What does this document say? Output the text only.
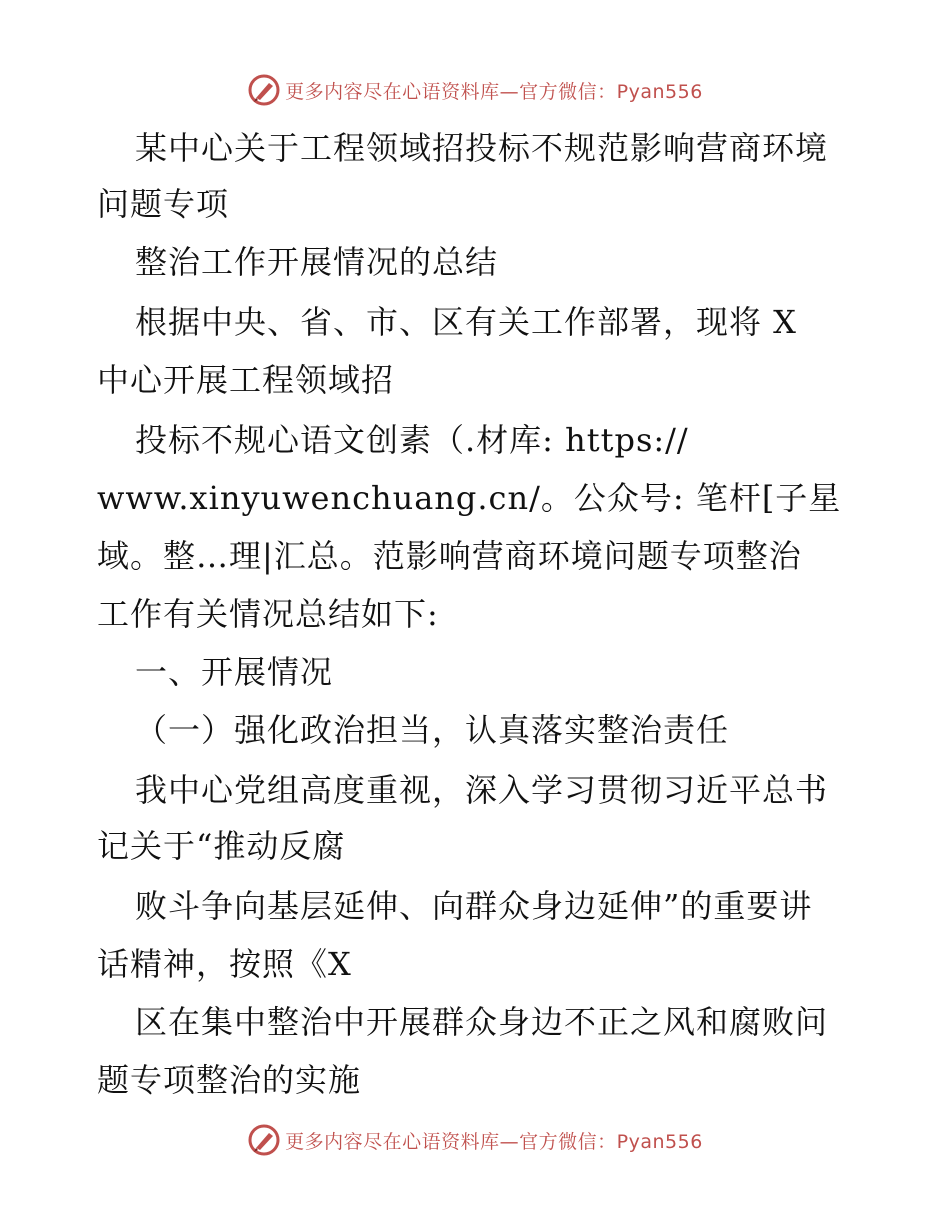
更多内容尽在心语资料库—官方微信：Pyan556
某中心关于工程领域招投标不规范影响营商环境
问题专项
整治工作开展情况的总结
根据中央、省、市、区有关工作部署，现将 X
中心开展工程领域招
投标不规心语文创素（.材库: https://
www.xinyuwenchuang.cn/。公众号: 笔杆[子星
域。整…理|汇总。范影响营商环境问题专项整治
工作有关情况总结如下:
一、开展情况
（一）强化政治担当，认真落实整治责任
我中心党组高度重视，深入学习贯彻习近平总书
记关于“推动反腐
败斗争向基层延伸、向群众身边延伸”的重要讲
话精神，按照《X
区在集中整治中开展群众身边不正之风和腐败问
题专项整治的实施
更多内容尽在心语资料库—官方微信：Pyan556
